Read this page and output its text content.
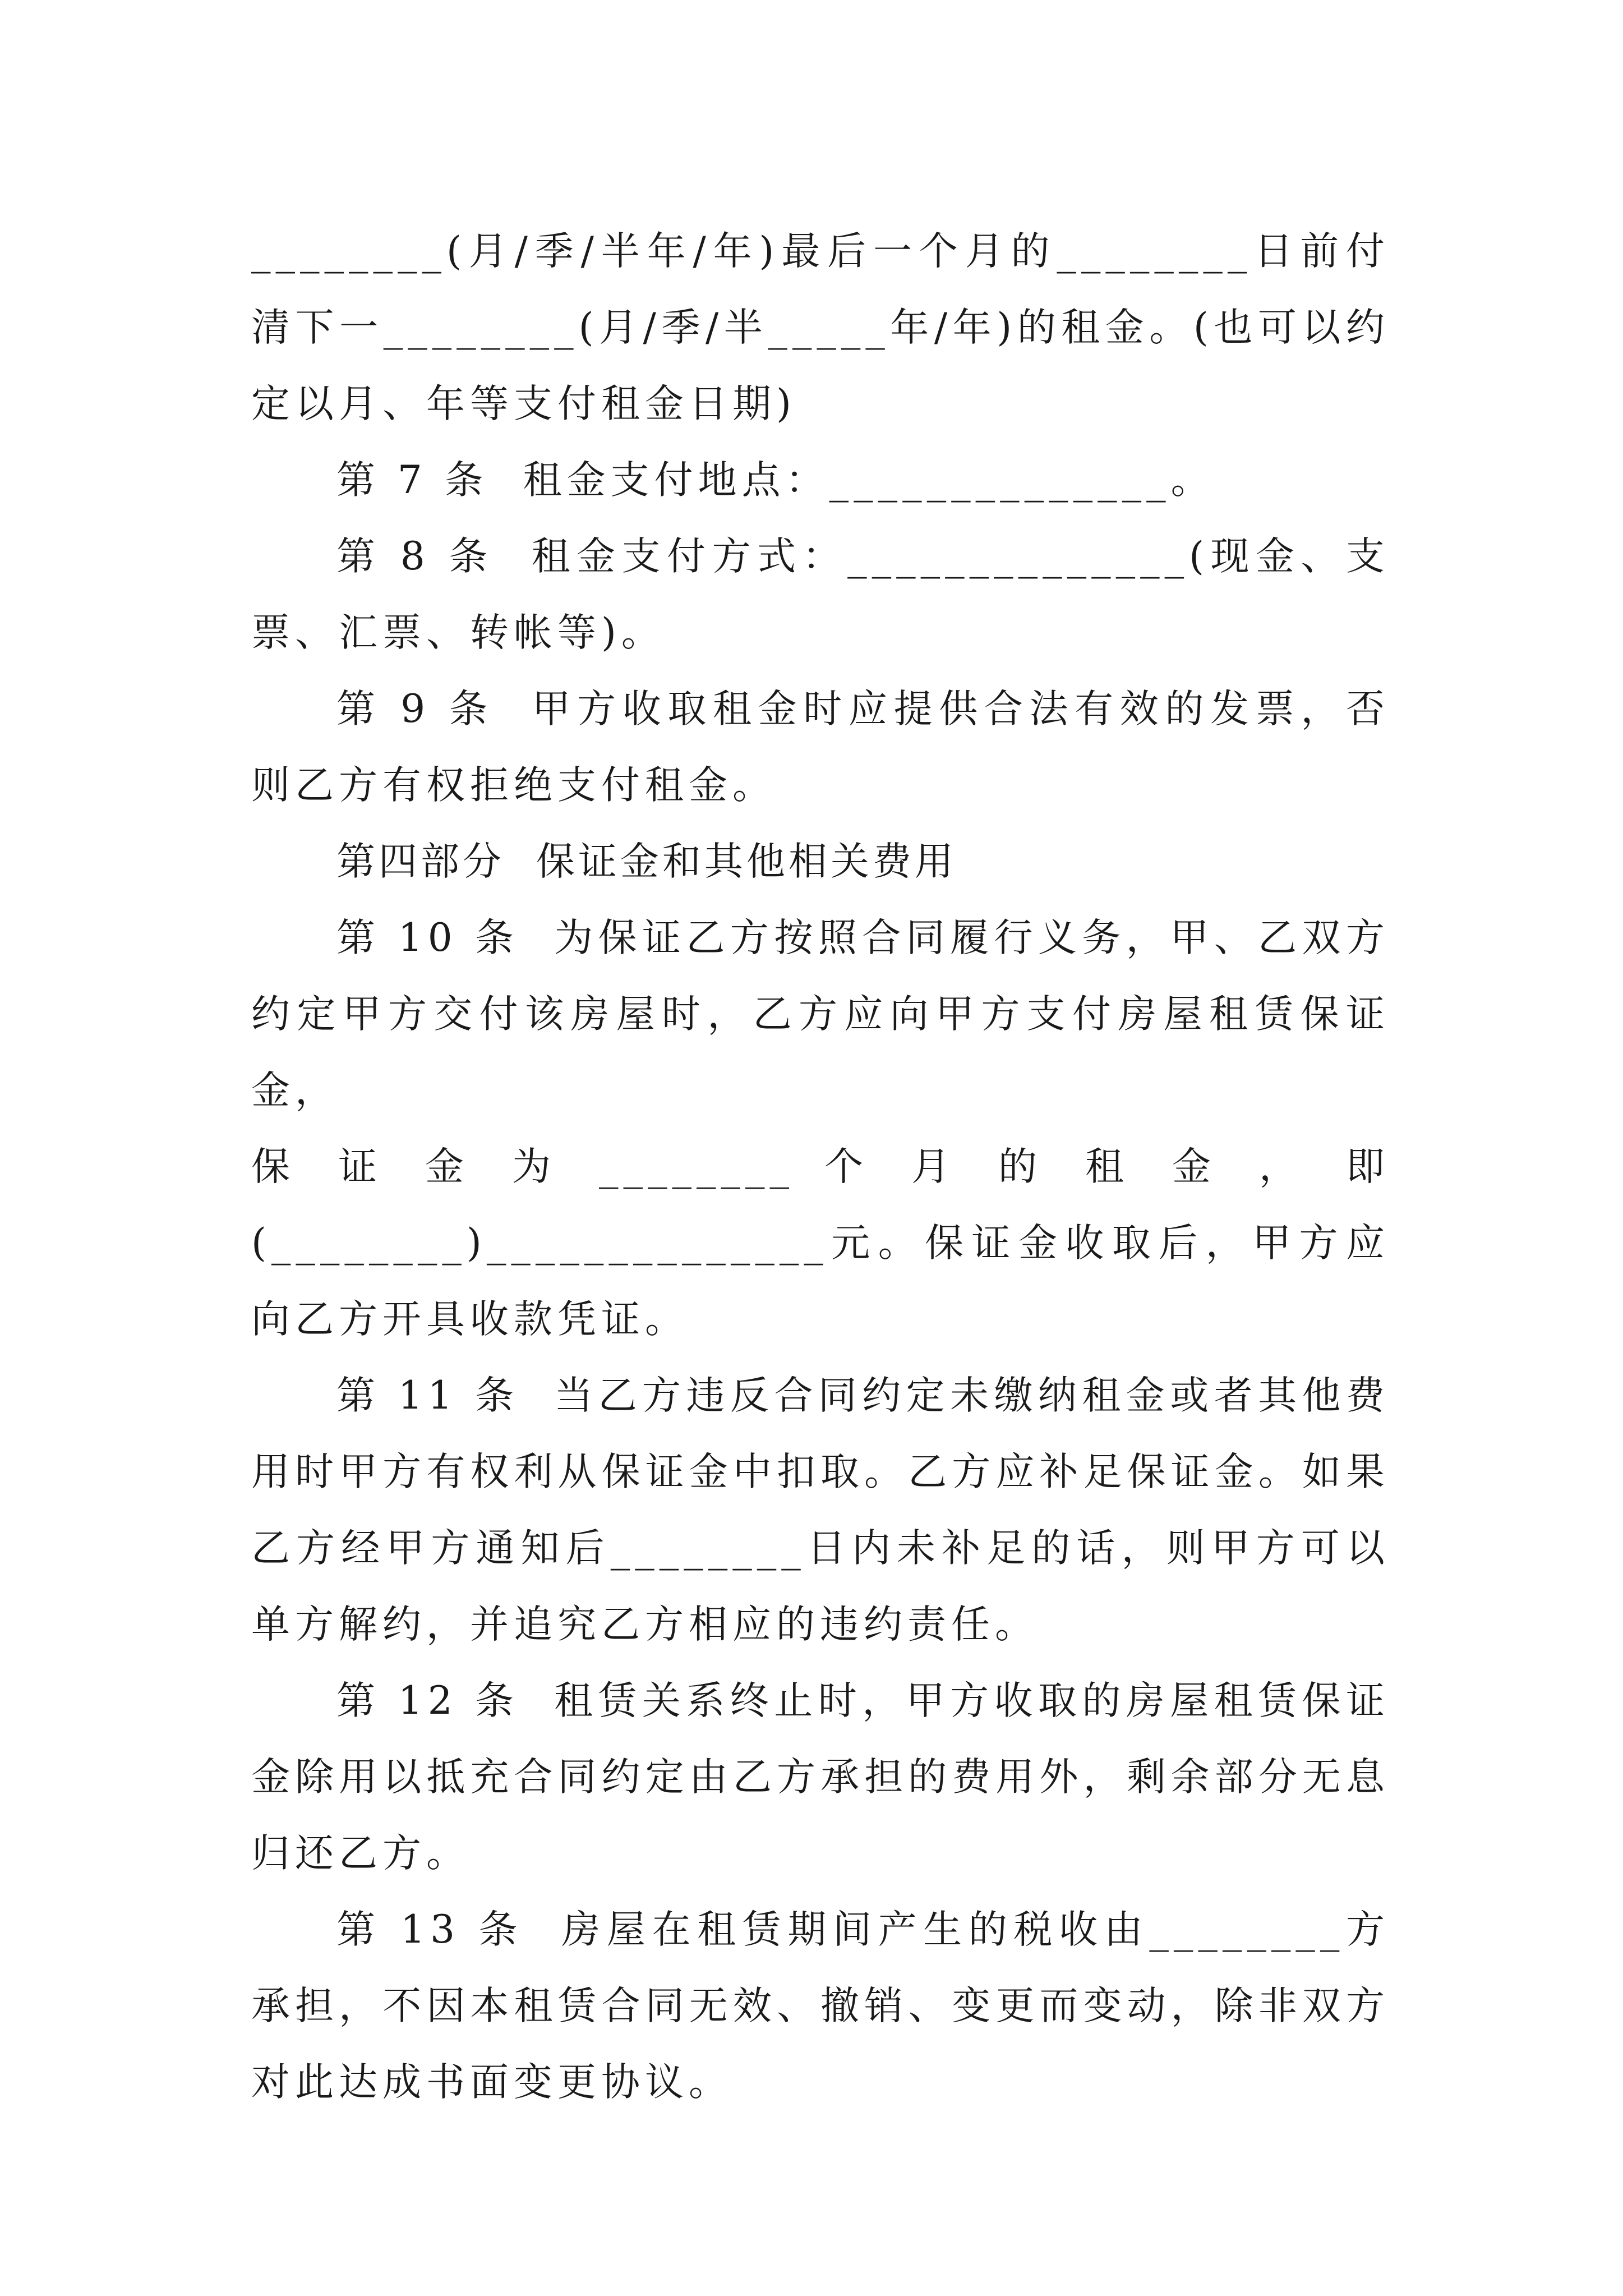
________(月/季/半年/年)最后一个月的________日前付清下一________(月/季/半_____年/年)的租金。(也可以约定以月、年等支付租金日期)

第 7 条  租金支付地点：______________。

第 8 条  租金支付方式：______________(现金、支票、汇票、转帐等)。

第 9 条  甲方收取租金时应提供合法有效的发票，否则乙方有权拒绝支付租金。

第四部分  保证金和其他相关费用

第 10 条  为保证乙方按照合同履行义务，甲、乙双方约定甲方交付该房屋时，乙方应向甲方支付房屋租赁保证金，

保 证 金 为 ________ 个 月 的 租 金 ， 即

(________)______________元。保证金收取后，甲方应向乙方开具收款凭证。

第 11 条  当乙方违反合同约定未缴纳租金或者其他费用时甲方有权利从保证金中扣取。乙方应补足保证金。如果乙方经甲方通知后________日内未补足的话，则甲方可以单方解约，并追究乙方相应的违约责任。

第 12 条  租赁关系终止时，甲方收取的房屋租赁保证金除用以抵充合同约定由乙方承担的费用外，剩余部分无息归还乙方。

第 13 条  房屋在租赁期间产生的税收由________方承担，不因本租赁合同无效、撤销、变更而变动，除非双方对此达成书面变更协议。
